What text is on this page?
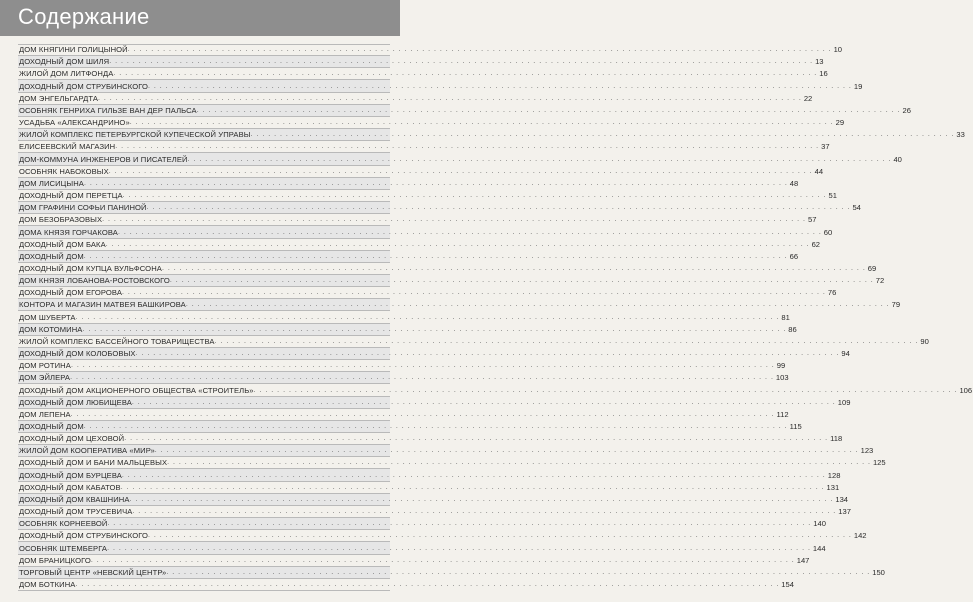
Содержание
ДОМ КНЯГИНИ ГОЛИЦЫНОЙ . . . . . . . . . . . . . . . . . . . . . . . . . . . . . . . . . . . . . . . . . . . . . . . . . . . . . . . . . . . . . . . . . . . . . . . . . . . . . . . . . . . . . . . . . . . . . . . . . . . . . . . . . . . . . . . . . . . . . . . . 10
ДОХОДНЫЙ ДОМ ШИЛЯ . . . . . . . . . . . . . . . . . . . . . . . . . . . . . . . . . . . . . . . . . . . . . . . . . . . . . . . . . . . . . . . . . . . . . . . . . . . . . . . . . . . . . . . . . . . . . . . . . . . . . . . . . . . . . . . . . . . . . . . . 13
ЖИЛОЙ ДОМ ЛИТФОНДА . . . . . . . . . . . . . . . . . . . . . . . . . . . . . . . . . . . . . . . . . . . . . . . . . . . . . . . . . . . . . . . . . . . . . . . . . . . . . . . . . . . . . . . . . . . . . . . . . . . . . . . . . . . . . . . . . . . . . . . . 16
ДОХОДНЫЙ ДОМ СТРУБИНСКОГО . . . . . . . . . . . . . . . . . . . . . . . . . . . . . . . . . . . . . . . . . . . . . . . . . . . . . . . . . . . . . . . . . . . . . . . . . . . . . . . . . . . . . . . . . . . . . . . . . . . . . . . . . . . . . . . . . . . . . . . . 19
ДОМ ЭНГЕЛЬГАРДТА . . . . . . . . . . . . . . . . . . . . . . . . . . . . . . . . . . . . . . . . . . . . . . . . . . . . . . . . . . . . . . . . . . . . . . . . . . . . . . . . . . . . . . . . . . . . . . . . . . . . . . . . . . . . . . . . . . . . . . . . 22
ОСОБНЯК ГЕНРИХА ГИЛЬЗЕ ВАН ДЕР ПАЛЬСА . . . . . . . . . . . . . . . . . . . . . . . . . . . . . . . . . . . . . . . . . . . . . . . . . . . . . . . . . . . . . . . . . . . . . . . . . . . . . . . . . . . . . . . . . . . . . . . . . . . . . . . . . . . . . . . . . . . . . . . . 26
УСАДЬБА «АЛЕКСАНДРИНО» . . . . . . . . . . . . . . . . . . . . . . . . . . . . . . . . . . . . . . . . . . . . . . . . . . . . . . . . . . . . . . . . . . . . . . . . . . . . . . . . . . . . . . . . . . . . . . . . . . . . . . . . . . . . . . . . . . . . . . . . 29
ЖИЛОЙ КОМПЛЕКС ПЕТЕРБУРГСКОЙ КУПЕЧЕСКОЙ УПРАВЫ . . . . . . . . . . . . . . . . . . . . . . . . . . . . . . . . . . . . . . . . . . . . . . . . . . . . . . . . . . . . . . . . . . . . . . . . . . . . . . . . . . . . . . . . . . . . . . . . . . . . . . . . . . . . . . . . . . . . . . . . 33
ЕЛИСЕЕВСКИЙ МАГАЗИН . . . . . . . . . . . . . . . . . . . . . . . . . . . . . . . . . . . . . . . . . . . . . . . . . . . . . . . . . . . . . . . . . . . . . . . . . . . . . . . . . . . . . . . . . . . . . . . . . . . . . . . . . . . . . . . . . . . . . . . . 37
ДОМ-КОММУНА ИНЖЕНЕРОВ И ПИСАТЕЛЕЙ . . . . . . . . . . . . . . . . . . . . . . . . . . . . . . . . . . . . . . . . . . . . . . . . . . . . . . . . . . . . . . . . . . . . . . . . . . . . . . . . . . . . . . . . . . . . . . . . . . . . . . . . . . . . . . . . . . . . . . . . 40
ОСОБНЯК НАБОКОВЫХ . . . . . . . . . . . . . . . . . . . . . . . . . . . . . . . . . . . . . . . . . . . . . . . . . . . . . . . . . . . . . . . . . . . . . . . . . . . . . . . . . . . . . . . . . . . . . . . . . . . . . . . . . . . . . . . . . . . . . . . . 44
ДОМ ЛИСИЦЫНА . . . . . . . . . . . . . . . . . . . . . . . . . . . . . . . . . . . . . . . . . . . . . . . . . . . . . . . . . . . . . . . . . . . . . . . . . . . . . . . . . . . . . . . . . . . . . . . . . . . . . . . . . . . . . . . . . . . . . . . . 48
ДОХОДНЫЙ ДОМ ПЕРЕТЦА . . . . . . . . . . . . . . . . . . . . . . . . . . . . . . . . . . . . . . . . . . . . . . . . . . . . . . . . . . . . . . . . . . . . . . . . . . . . . . . . . . . . . . . . . . . . . . . . . . . . . . . . . . . . . . . . . . . . . . . . 51
ДОМ ГРАФИНИ СОФЬИ ПАНИНОЙ . . . . . . . . . . . . . . . . . . . . . . . . . . . . . . . . . . . . . . . . . . . . . . . . . . . . . . . . . . . . . . . . . . . . . . . . . . . . . . . . . . . . . . . . . . . . . . . . . . . . . . . . . . . . . . . . . . . . . . . . 54
ДОМ БЕЗОБРАЗОВЫХ . . . . . . . . . . . . . . . . . . . . . . . . . . . . . . . . . . . . . . . . . . . . . . . . . . . . . . . . . . . . . . . . . . . . . . . . . . . . . . . . . . . . . . . . . . . . . . . . . . . . . . . . . . . . . . . . . . . . . . . . 57
ДОМА КНЯЗЯ ГОРЧАКОВА . . . . . . . . . . . . . . . . . . . . . . . . . . . . . . . . . . . . . . . . . . . . . . . . . . . . . . . . . . . . . . . . . . . . . . . . . . . . . . . . . . . . . . . . . . . . . . . . . . . . . . . . . . . . . . . . . . . . . . . . 60
ДОХОДНЫЙ ДОМ БАКА . . . . . . . . . . . . . . . . . . . . . . . . . . . . . . . . . . . . . . . . . . . . . . . . . . . . . . . . . . . . . . . . . . . . . . . . . . . . . . . . . . . . . . . . . . . . . . . . . . . . . . . . . . . . . . . . . . . . . . . . 62
ДОХОДНЫЙ ДОМ . . . . . . . . . . . . . . . . . . . . . . . . . . . . . . . . . . . . . . . . . . . . . . . . . . . . . . . . . . . . . . . . . . . . . . . . . . . . . . . . . . . . . . . . . . . . . . . . . . . . . . . . . . . . . . . . . . . . . . . . 66
ДОХОДНЫЙ ДОМ КУПЦА ВУЛЬФСОНА . . . . . . . . . . . . . . . . . . . . . . . . . . . . . . . . . . . . . . . . . . . . . . . . . . . . . . . . . . . . . . . . . . . . . . . . . . . . . . . . . . . . . . . . . . . . . . . . . . . . . . . . . . . . . . . . . . . . . . . . 69
ДОМ КНЯЗЯ ЛОБАНОВА-РОСТОВСКОГО . . . . . . . . . . . . . . . . . . . . . . . . . . . . . . . . . . . . . . . . . . . . . . . . . . . . . . . . . . . . . . . . . . . . . . . . . . . . . . . . . . . . . . . . . . . . . . . . . . . . . . . . . . . . . . . . . . . . . . . . 72
ДОХОДНЫЙ ДОМ ЕГОРОВА . . . . . . . . . . . . . . . . . . . . . . . . . . . . . . . . . . . . . . . . . . . . . . . . . . . . . . . . . . . . . . . . . . . . . . . . . . . . . . . . . . . . . . . . . . . . . . . . . . . . . . . . . . . . . . . . . . . . . . . . 76
КОНТОРА И МАГАЗИН МАТВЕЯ БАШКИРОВА . . . . . . . . . . . . . . . . . . . . . . . . . . . . . . . . . . . . . . . . . . . . . . . . . . . . . . . . . . . . . . . . . . . . . . . . . . . . . . . . . . . . . . . . . . . . . . . . . . . . . . . . . . . . . . . . . . . . . . . . 79
ДОМ ШУБЕРТА . . . . . . . . . . . . . . . . . . . . . . . . . . . . . . . . . . . . . . . . . . . . . . . . . . . . . . . . . . . . . . . . . . . . . . . . . . . . . . . . . . . . . . . . . . . . . . . . . . . . . . . . . . . . . . . . . . . . . . . . 81
ДОМ КОТОМИНА . . . . . . . . . . . . . . . . . . . . . . . . . . . . . . . . . . . . . . . . . . . . . . . . . . . . . . . . . . . . . . . . . . . . . . . . . . . . . . . . . . . . . . . . . . . . . . . . . . . . . . . . . . . . . . . . . . . . . . . . 86
ЖИЛОЙ КОМПЛЕКС БАССЕЙНОГО ТОВАРИЩЕСТВА . . . . . . . . . . . . . . . . . . . . . . . . . . . . . . . . . . . . . . . . . . . . . . . . . . . . . . . . . . . . . . . . . . . . . . . . . . . . . . . . . . . . . . . . . . . . . . . . . . . . . . . . . . . . . . . . . . . . . . . . 90
ДОХОДНЫЙ ДОМ КОЛОБОВЫХ . . . . . . . . . . . . . . . . . . . . . . . . . . . . . . . . . . . . . . . . . . . . . . . . . . . . . . . . . . . . . . . . . . . . . . . . . . . . . . . . . . . . . . . . . . . . . . . . . . . . . . . . . . . . . . . . . . . . . . . . 94
ДОМ РОТИНА . . . . . . . . . . . . . . . . . . . . . . . . . . . . . . . . . . . . . . . . . . . . . . . . . . . . . . . . . . . . . . . . . . . . . . . . . . . . . . . . . . . . . . . . . . . . . . . . . . . . . . . . . . . . . . . . . . . . . . . . 99
ДОМ ЭЙЛЕРА . . . . . . . . . . . . . . . . . . . . . . . . . . . . . . . . . . . . . . . . . . . . . . . . . . . . . . . . . . . . . . . . . . . . . . . . . . . . . . . . . . . . . . . . . . . . . . . . . . . . . . . . . . . . . . . . . . . . . . . . 103
ДОХОДНЫЙ ДОМ АКЦИОНЕРНОГО ОБЩЕСТВА «СТРОИТЕЛЬ» . . . . . . . . . . . . . . . . . . . . . . . . . . . . . . . . . . . . . . . . . . . . . . . . . . . . . . . . . . . . . . . . . . . . . . . . . . . . . . . . . . . . . . . . . . . . . . . . . . . . . . . . . . . . . . . . . . . . . . . . 106
ДОХОДНЫЙ ДОМ ЛЮБИЩЕВА . . . . . . . . . . . . . . . . . . . . . . . . . . . . . . . . . . . . . . . . . . . . . . . . . . . . . . . . . . . . . . . . . . . . . . . . . . . . . . . . . . . . . . . . . . . . . . . . . . . . . . . . . . . . . . . . . . . . . . . . 109
ДОМ ЛЕПЕНА . . . . . . . . . . . . . . . . . . . . . . . . . . . . . . . . . . . . . . . . . . . . . . . . . . . . . . . . . . . . . . . . . . . . . . . . . . . . . . . . . . . . . . . . . . . . . . . . . . . . . . . . . . . . . . . . . . . . . . . . 112
ДОХОДНЫЙ ДОМ . . . . . . . . . . . . . . . . . . . . . . . . . . . . . . . . . . . . . . . . . . . . . . . . . . . . . . . . . . . . . . . . . . . . . . . . . . . . . . . . . . . . . . . . . . . . . . . . . . . . . . . . . . . . . . . . . . . . . . . . 115
ДОХОДНЫЙ ДОМ ЦЕХОВОЙ . . . . . . . . . . . . . . . . . . . . . . . . . . . . . . . . . . . . . . . . . . . . . . . . . . . . . . . . . . . . . . . . . . . . . . . . . . . . . . . . . . . . . . . . . . . . . . . . . . . . . . . . . . . . . . . . . . . . . . . . 118
ЖИЛОЙ ДОМ КООПЕРАТИВА «МИР» . . . . . . . . . . . . . . . . . . . . . . . . . . . . . . . . . . . . . . . . . . . . . . . . . . . . . . . . . . . . . . . . . . . . . . . . . . . . . . . . . . . . . . . . . . . . . . . . . . . . . . . . . . . . . . . . . . . . . . . . 123
ДОХОДНЫЙ ДОМ И БАНИ МАЛЬЦЕВЫХ . . . . . . . . . . . . . . . . . . . . . . . . . . . . . . . . . . . . . . . . . . . . . . . . . . . . . . . . . . . . . . . . . . . . . . . . . . . . . . . . . . . . . . . . . . . . . . . . . . . . . . . . . . . . . . . . . . . . . . . . 125
ДОХОДНЫЙ ДОМ БУРЦЕВА . . . . . . . . . . . . . . . . . . . . . . . . . . . . . . . . . . . . . . . . . . . . . . . . . . . . . . . . . . . . . . . . . . . . . . . . . . . . . . . . . . . . . . . . . . . . . . . . . . . . . . . . . . . . . . . . . . . . . . . . 128
ДОХОДНЫЙ ДОМ КАБАТОВ . . . . . . . . . . . . . . . . . . . . . . . . . . . . . . . . . . . . . . . . . . . . . . . . . . . . . . . . . . . . . . . . . . . . . . . . . . . . . . . . . . . . . . . . . . . . . . . . . . . . . . . . . . . . . . . . . . . . . . . . 131
ДОХОДНЫЙ ДОМ КВАШНИНА . . . . . . . . . . . . . . . . . . . . . . . . . . . . . . . . . . . . . . . . . . . . . . . . . . . . . . . . . . . . . . . . . . . . . . . . . . . . . . . . . . . . . . . . . . . . . . . . . . . . . . . . . . . . . . . . . . . . . . . . 134
ДОХОДНЫЙ ДОМ ТРУСЕВИЧА . . . . . . . . . . . . . . . . . . . . . . . . . . . . . . . . . . . . . . . . . . . . . . . . . . . . . . . . . . . . . . . . . . . . . . . . . . . . . . . . . . . . . . . . . . . . . . . . . . . . . . . . . . . . . . . . . . . . . . . . 137
ОСОБНЯК КОРНЕЕВОЙ . . . . . . . . . . . . . . . . . . . . . . . . . . . . . . . . . . . . . . . . . . . . . . . . . . . . . . . . . . . . . . . . . . . . . . . . . . . . . . . . . . . . . . . . . . . . . . . . . . . . . . . . . . . . . . . . . . . . . . . . 140
ДОХОДНЫЙ ДОМ СТРУБИНСКОГО . . . . . . . . . . . . . . . . . . . . . . . . . . . . . . . . . . . . . . . . . . . . . . . . . . . . . . . . . . . . . . . . . . . . . . . . . . . . . . . . . . . . . . . . . . . . . . . . . . . . . . . . . . . . . . . . . . . . . . . . 142
ОСОБНЯК ШТЕМБЕРГА . . . . . . . . . . . . . . . . . . . . . . . . . . . . . . . . . . . . . . . . . . . . . . . . . . . . . . . . . . . . . . . . . . . . . . . . . . . . . . . . . . . . . . . . . . . . . . . . . . . . . . . . . . . . . . . . . . . . . . . . 144
ДОМ БРАНИЦКОГО . . . . . . . . . . . . . . . . . . . . . . . . . . . . . . . . . . . . . . . . . . . . . . . . . . . . . . . . . . . . . . . . . . . . . . . . . . . . . . . . . . . . . . . . . . . . . . . . . . . . . . . . . . . . . . . . . . . . . . . . 147
ТОРГОВЫЙ ЦЕНТР «НЕВСКИЙ ЦЕНТР» . . . . . . . . . . . . . . . . . . . . . . . . . . . . . . . . . . . . . . . . . . . . . . . . . . . . . . . . . . . . . . . . . . . . . . . . . . . . . . . . . . . . . . . . . . . . . . . . . . . . . . . . . . . . . . . . . . . . . . . . 150
ДОМ БОТКИНА . . . . . . . . . . . . . . . . . . . . . . . . . . . . . . . . . . . . . . . . . . . . . . . . . . . . . . . . . . . . . . . . . . . . . . . . . . . . . . . . . . . . . . . . . . . . . . . . . . . . . . . . . . . . . . . . . . . . . . . . 154
